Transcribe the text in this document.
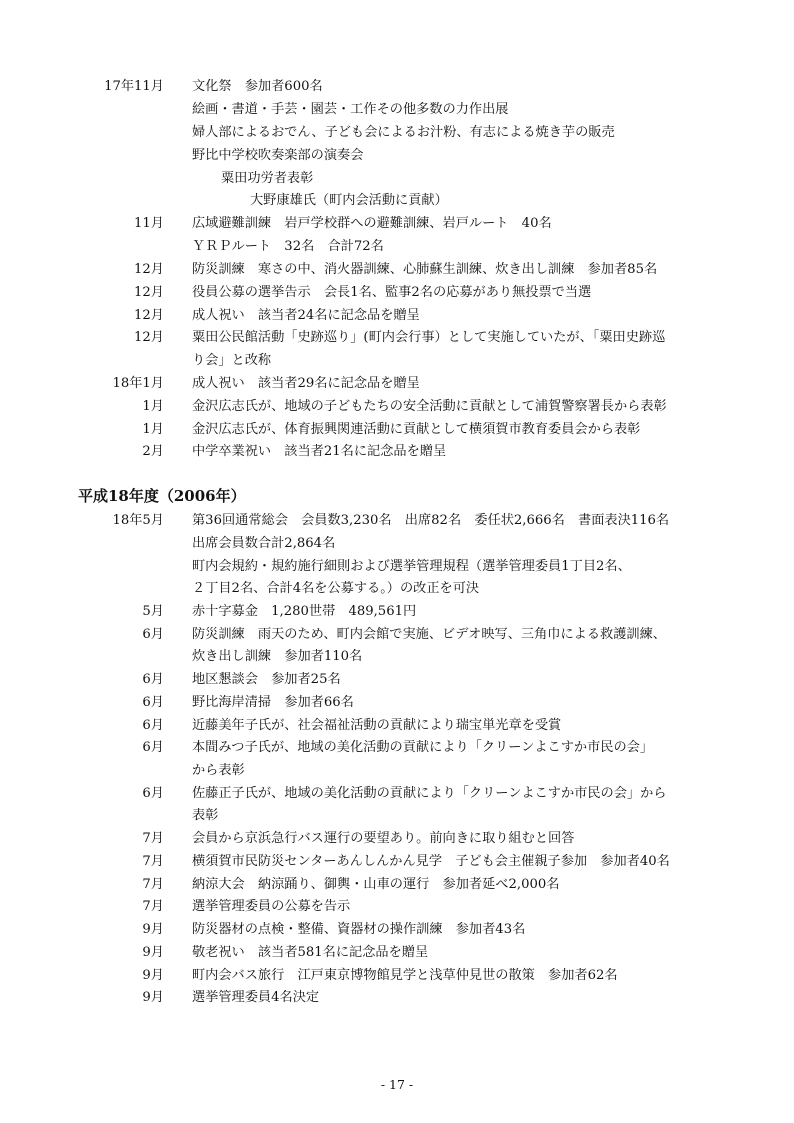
17年11月 文化祭　参加者600名
絵画・書道・手芸・園芸・工作その他多数の力作出展
婦人部によるおでん、子ども会によるお汁粉、有志による焼き芋の販売
野比中学校吹奏楽部の演奏会
粟田功労者表彰
大野康雄氏（町内会活動に貢献）
11月 広域避難訓練　岩戸学校群への避難訓練、岩戸ルート　40名
ＹＲＰルート　32名　合計72名
12月 防災訓練　寒さの中、消火器訓練、心肺蘇生訓練、炊き出し訓練　参加者85名
12月 役員公募の選挙告示　会長1名、監事2名の応募があり無投票で当選
12月 成人祝い　該当者24名に記念品を贈呈
12月 粟田公民館活動「史跡巡り」(町内会行事）として実施していたが、「粟田史跡巡
り会」と改称
18年1月 成人祝い　該当者29名に記念品を贈呈
1月 金沢広志氏が、地域の子どもたちの安全活動に貢献として浦賀警察署長から表彰
1月 金沢広志氏が、体育振興関連活動に貢献として横須賀市教育委員会から表彰
2月 中学卒業祝い　該当者21名に記念品を贈呈
平成18年度（2006年）
18年5月 第36回通常総会　会員数3,230名　出席82名　委任状2,666名　書面表決116名
出席会員数合計2,864名
町内会規約・規約施行細則および選挙管理規程（選挙管理委員1丁目2名、
２丁目2名、合計4名を公募する。）の改正を可決
5月 赤十字募金　1,280世帯　489,561円
6月 防災訓練　雨天のため、町内会館で実施、ビデオ映写、三角巾による救護訓練、
炊き出し訓練　参加者110名
6月 地区懇談会　参加者25名
6月 野比海岸清掃　参加者66名
6月 近藤美年子氏が、社会福祉活動の貢献により瑞宝単光章を受賞
6月 本間みつ子氏が、地域の美化活動の貢献により「クリーンよこすか市民の会」
から表彰
6月 佐藤正子氏が、地域の美化活動の貢献により「クリーンよこすか市民の会」から
表彰
7月 会員から京浜急行バス運行の要望あり。前向きに取り組むと回答
7月 横須賀市民防災センターあんしんかん見学　子ども会主催親子参加　参加者40名
7月 納涼大会　納涼踊り、御輿・山車の運行　参加者延べ2,000名
7月 選挙管理委員の公募を告示
9月 防災器材の点検・整備、資器材の操作訓練　参加者43名
9月 敬老祝い　該当者581名に記念品を贈呈
9月 町内会バス旅行　江戸東京博物館見学と浅草仲見世の散策　参加者62名
9月 選挙管理委員4名決定
- 17 -
